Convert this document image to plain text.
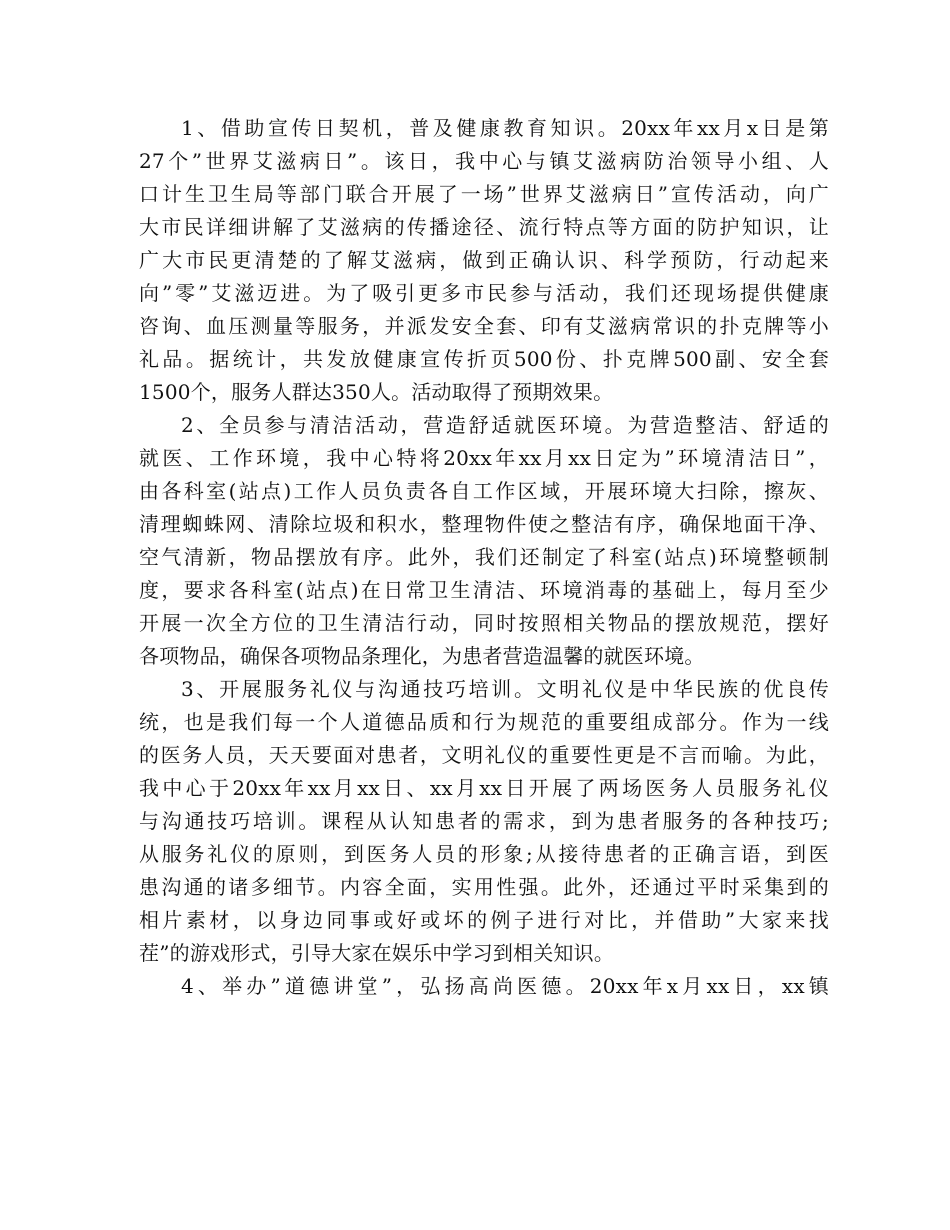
1、借助宣传日契机，普及健康教育知识。20xx年xx月x日是第
27个”世界艾滋病日”。该日，我中心与镇艾滋病防治领导小组、人
口计生卫生局等部门联合开展了一场”世界艾滋病日”宣传活动，向广
大市民详细讲解了艾滋病的传播途径、流行特点等方面的防护知识，让
广大市民更清楚的了解艾滋病，做到正确认识、科学预防，行动起来
向”零”艾滋迈进。为了吸引更多市民参与活动，我们还现场提供健康
咨询、血压测量等服务，并派发安全套、印有艾滋病常识的扑克牌等小
礼品。据统计，共发放健康宣传折页500份、扑克牌500副、安全套
1500个，服务人群达350人。活动取得了预期效果。
2、全员参与清洁活动，营造舒适就医环境。为营造整洁、舒适的
就医、工作环境，我中心特将20xx年xx月xx日定为”环境清洁日”，
由各科室(站点)工作人员负责各自工作区域，开展环境大扫除，擦灰、
清理蜘蛛网、清除垃圾和积水，整理物件使之整洁有序，确保地面干净、
空气清新，物品摆放有序。此外，我们还制定了科室(站点)环境整顿制
度，要求各科室(站点)在日常卫生清洁、环境消毒的基础上，每月至少
开展一次全方位的卫生清洁行动，同时按照相关物品的摆放规范，摆好
各项物品，确保各项物品条理化，为患者营造温馨的就医环境。
3、开展服务礼仪与沟通技巧培训。文明礼仪是中华民族的优良传
统，也是我们每一个人道德品质和行为规范的重要组成部分。作为一线
的医务人员，天天要面对患者，文明礼仪的重要性更是不言而喻。为此，
我中心于20xx年xx月xx日、xx月xx日开展了两场医务人员服务礼仪
与沟通技巧培训。课程从认知患者的需求，到为患者服务的各种技巧;
从服务礼仪的原则，到医务人员的形象;从接待患者的正确言语，到医
患沟通的诸多细节。内容全面，实用性强。此外，还通过平时采集到的
相片素材，以身边同事或好或坏的例子进行对比，并借助”大家来找
茬”的游戏形式，引导大家在娱乐中学习到相关知识。
4、举办”道德讲堂”，弘扬高尚医德。20xx年x月xx日，xx镇
